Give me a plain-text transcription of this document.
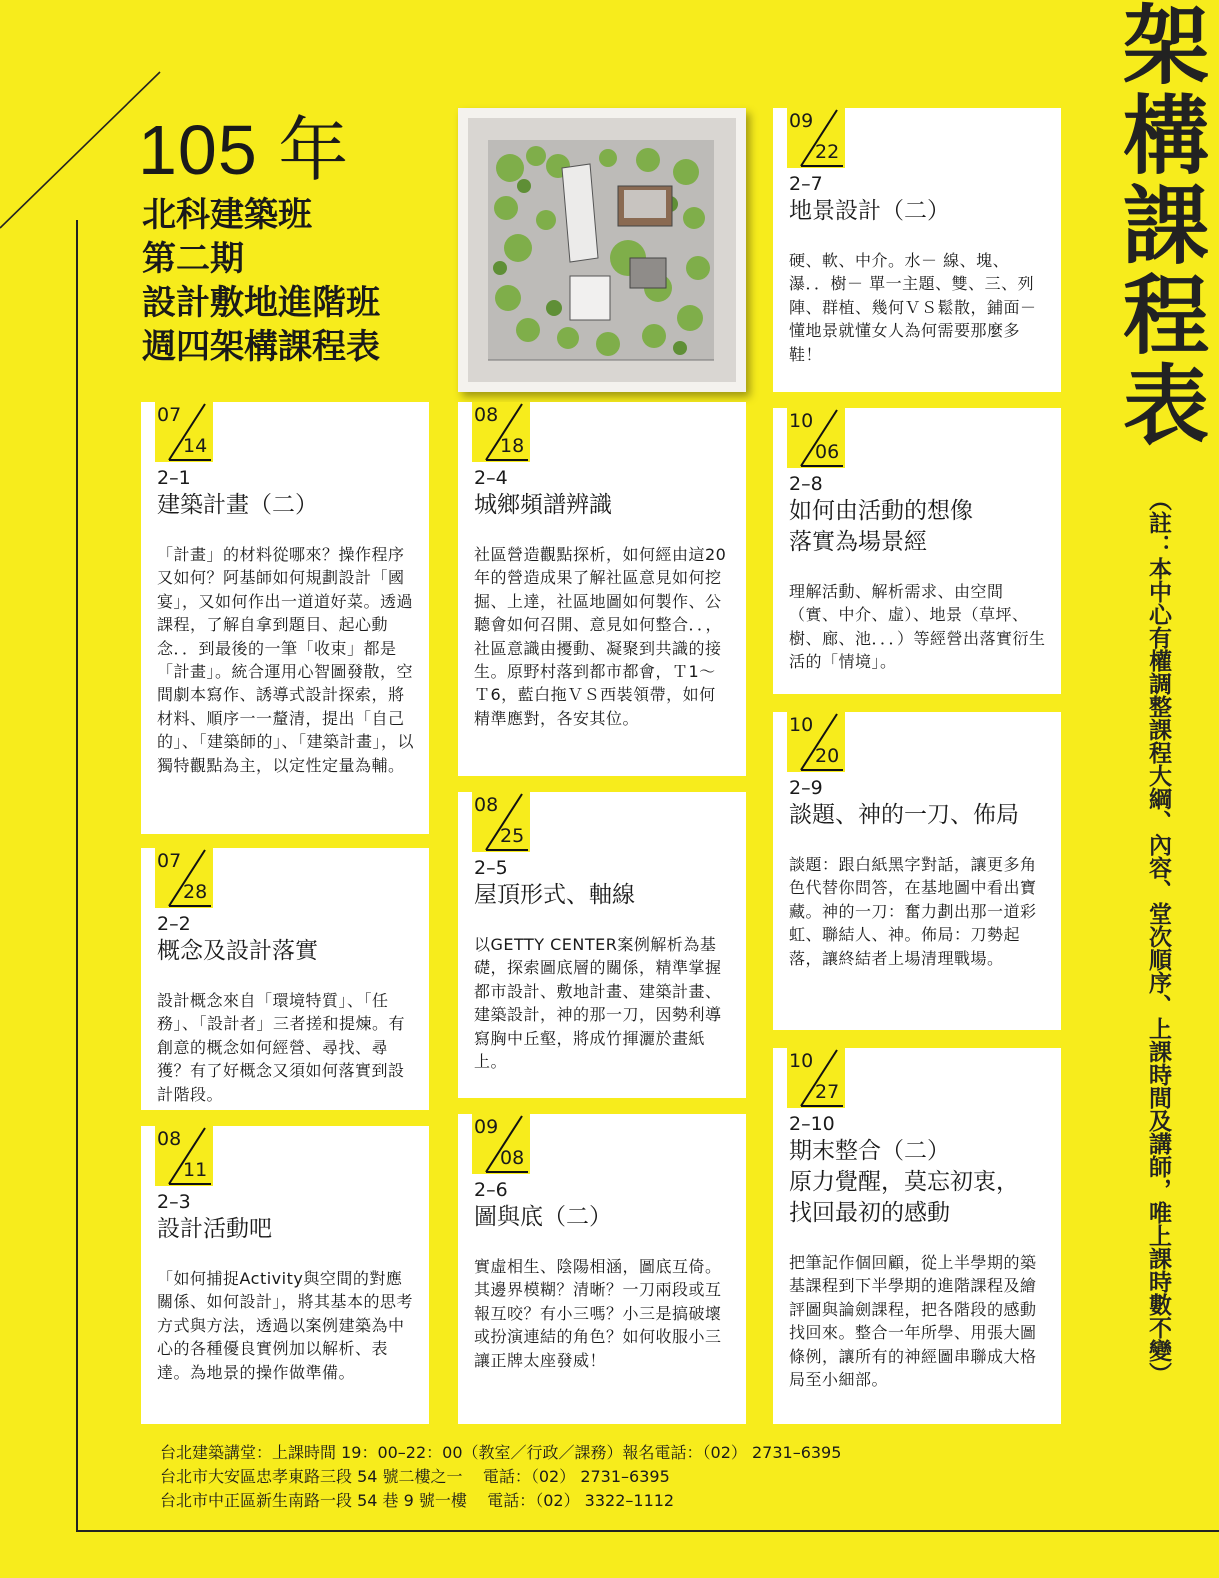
105 年
北科建築班
第二期
設計敷地進階班
週四架構課程表
07
14
2–1
建築計畫（二）
「計畫」的材料從哪來？操作程序又如何？阿基師如何規劃設計「國宴」，又如何作出一道道好菜。透過課程，了解自拿到題目、起心動念．．到最後的一筆「收束」都是「計畫」。統合運用心智圖發散，空間劇本寫作、誘導式設計探索，將材料、順序一一釐清，提出「自己的」、「建築師的」、「建築計畫」，以獨特觀點為主，以定性定量為輔。
07
28
2–2
概念及設計落實
設計概念來自「環境特質」、「任務」、「設計者」三者搓和提煉。有創意的概念如何經營、尋找、尋獲？有了好概念又須如何落實到設計階段。
08
11
2–3
設計活動吧
「如何捕捉Activity與空間的對應關係、如何設計」，將其基本的思考方式與方法，透過以案例建築為中心的各種優良實例加以解析、表達。為地景的操作做準備。
08
18
2–4
城鄉頻譜辨識
社區營造觀點探析，如何經由這20年的營造成果了解社區意見如何挖掘、上達，社區地圖如何製作、公聽會如何召開、意見如何整合．．，社區意識由擾動、凝聚到共識的接生。原野村落到都市都會，Ｔ1～Ｔ6，藍白拖ＶＳ西裝領帶，如何精準應對，各安其位。
08
25
2–5
屋頂形式、軸線
以GETTY CENTER案例解析為基礎，探索圖底層的關係，精準掌握都市設計、敷地計畫、建築計畫、建築設計，神的那一刀，因勢利導寫胸中丘壑，將成竹揮灑於畫紙上。
09
08
2–6
圖與底（二）
實虛相生、陰陽相涵，圖底互倚。其邊界模糊？清晰？一刀兩段或互報互咬？有小三嗎？小三是搞破壞或扮演連結的角色？如何收服小三讓正牌太座發威！
09
22
2–7
地景設計（二）
硬、軟、中介。水－ 線、塊、瀑．．樹－ 單一主題、雙、三、列陣、群植、幾何ＶＳ鬆散，鋪面－ 懂地景就懂女人為何需要那麼多鞋！
10
06
2–8
如何由活動的想像
落實為場景經
理解活動、解析需求、由空間（實、中介、虛）、地景（草坪、樹、廊、池．．．）等經營出落實衍生活的「情境」。
10
20
2–9
談題、神的一刀、佈局
談題：跟白紙黑字對話，讓更多角色代替你問答，在基地圖中看出寶藏。神的一刀：奮力劃出那一道彩虹、聯結人、神。佈局：刀勢起落，讓終結者上場清理戰場。
10
27
2–10
期末整合（二）
原力覺醒，莫忘初衷，
找回最初的感動
把筆記作個回顧，從上半學期的築基課程到下半學期的進階課程及繪評圖與論劍課程，把各階段的感動找回來。整合一年所學、用張大圖條例，讓所有的神經圖串聯成大格局至小細部。
架構課程表
（註：本中心有權調整課程大綱、內容、堂次順序、上課時間及講師，唯上課時數不變）
台北建築講堂：上課時間 19：00–22：00（教室／行政／課務）報名電話：（02） 2731–6395
台北市大安區忠孝東路三段 54 號二樓之一    電話：（02） 2731–6395
台北市中正區新生南路一段 54 巷 9 號一樓    電話：（02） 3322–1112
